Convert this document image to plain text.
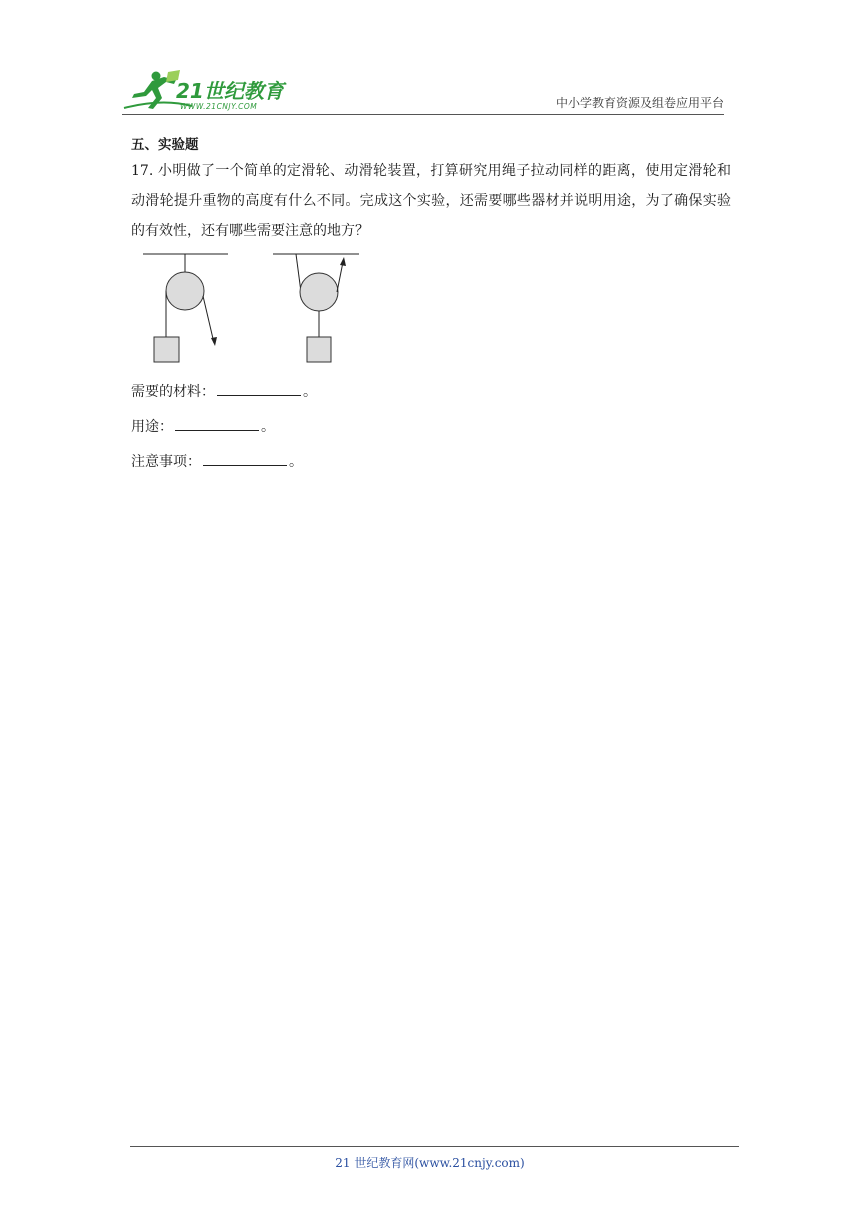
21世纪教育
WWW.21CNJY.COM	中小学教育资源及组卷应用平台

五、实验题

17. 小明做了一个简单的定滑轮、动滑轮装置，打算研究用绳子拉动同样的距离，使用定滑轮和动滑轮提升重物的高度有什么不同。完成这个实验，还需要哪些器材并说明用途，为了确保实验的有效性，还有哪些需要注意的地方？

需要的材料：	。

用途：	。

注意事项：	。

21 世纪教育网(www.21cnjy.com)
